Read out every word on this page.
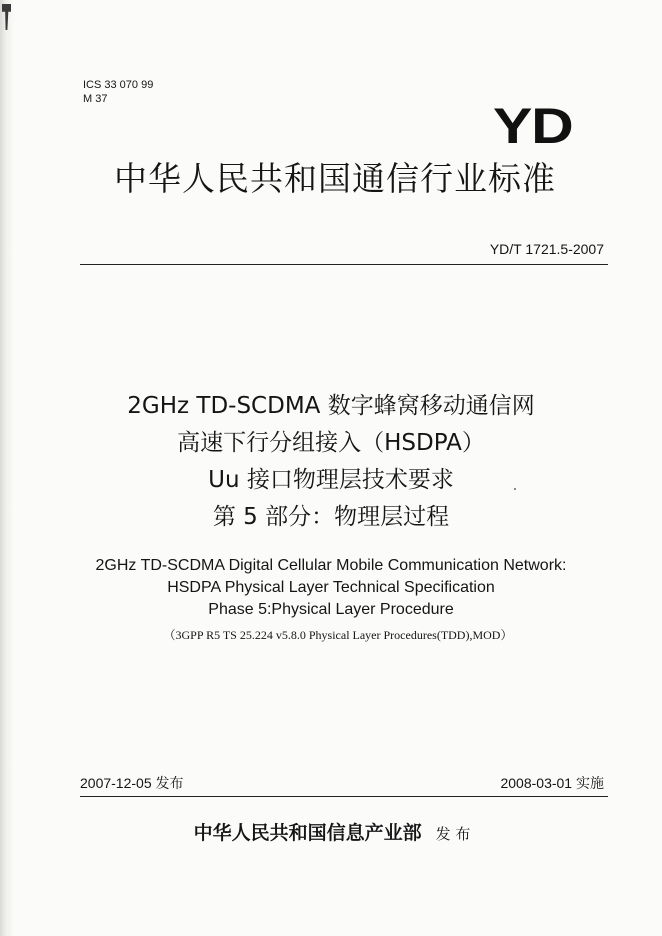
ICS 33 070 99
M 37	YD
中华人民共和国通信行业标准
YD/T 1721.5-2007
2GHz TD-SCDMA 数字蜂窝移动通信网
高速下行分组接入（HSDPA）
Uu 接口物理层技术要求
第 5 部分：物理层过程
2GHz TD-SCDMA Digital Cellular Mobile Communication Network:
HSDPA Physical Layer Technical Specification
Phase 5:Physical Layer Procedure
（3GPP R5 TS 25.224 v5.8.0 Physical Layer Procedures(TDD),MOD）
2007-12-05 发布	2008-03-01 实施
中华人民共和国信息产业部 发 布
